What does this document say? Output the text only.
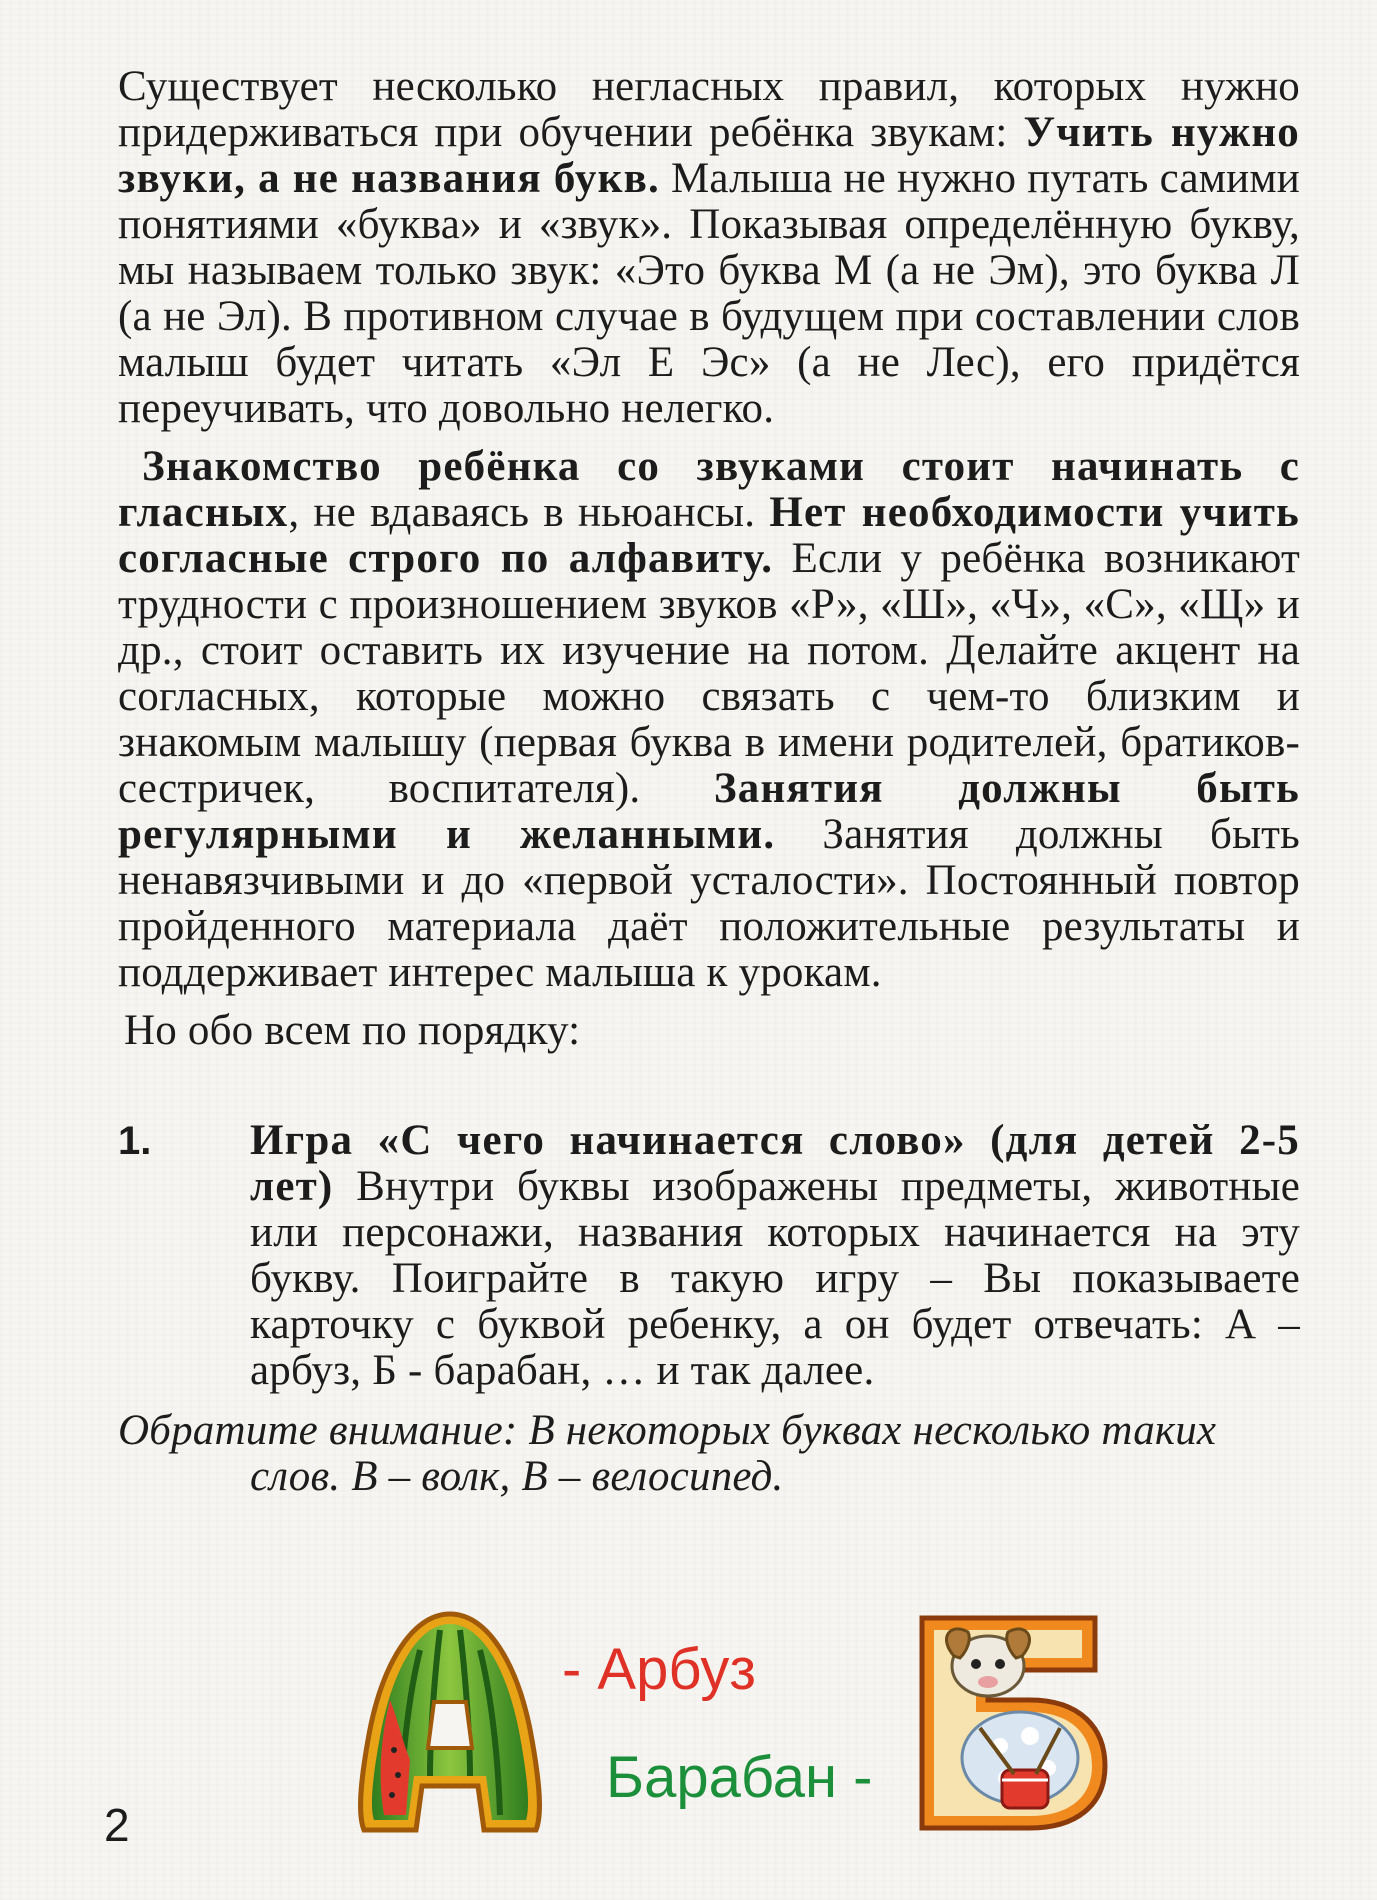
Существует несколько негласных правил, которых нужно придерживаться при обучении ребёнка звукам: Учить нужно звуки, а не названия букв. Малыша не нужно путать самими понятиями «буква» и «звук». Показывая определённую букву, мы называем только звук: «Это буква М (а не Эм), это буква Л (а не Эл). В противном случае в будущем при составлении слов малыш будет читать «Эл Е Эс» (а не Лес), его придётся переучивать, что довольно нелегко.

Знакомство ребёнка со звуками стоит начинать с гласных, не вдаваясь в ньюансы. Нет необходимости учить согласные строго по алфавиту. Если у ребёнка возникают трудности с произношением звуков «Р», «Ш», «Ч», «С», «Щ» и др., стоит оставить их изучение на потом. Делайте акцент на согласных, которые можно связать с чем-то близким и знакомым малышу (первая буква в имени родителей, братиков-сестричек, воспитателя). Занятия должны быть регулярными и желанными. Занятия должны быть ненавязчивыми и до «первой усталости». Постоянный повтор пройденного материала даёт положительные результаты и поддерживает интерес малыша к урокам.

Но обо всем по порядку:

1. Игра «С чего начинается слово» (для детей 2-5 лет) Внутри буквы изображены предметы, животные или персонажи, названия которых начинается на эту букву. Поиграйте в такую игру – Вы показываете карточку с буквой ребенку, а он будет отвечать: А – арбуз, Б - барабан, … и так далее.

Обратите внимание: В некоторых буквах несколько таких
слов. В – волк, В – велосипед.

- Арбуз
Барабан -
2
